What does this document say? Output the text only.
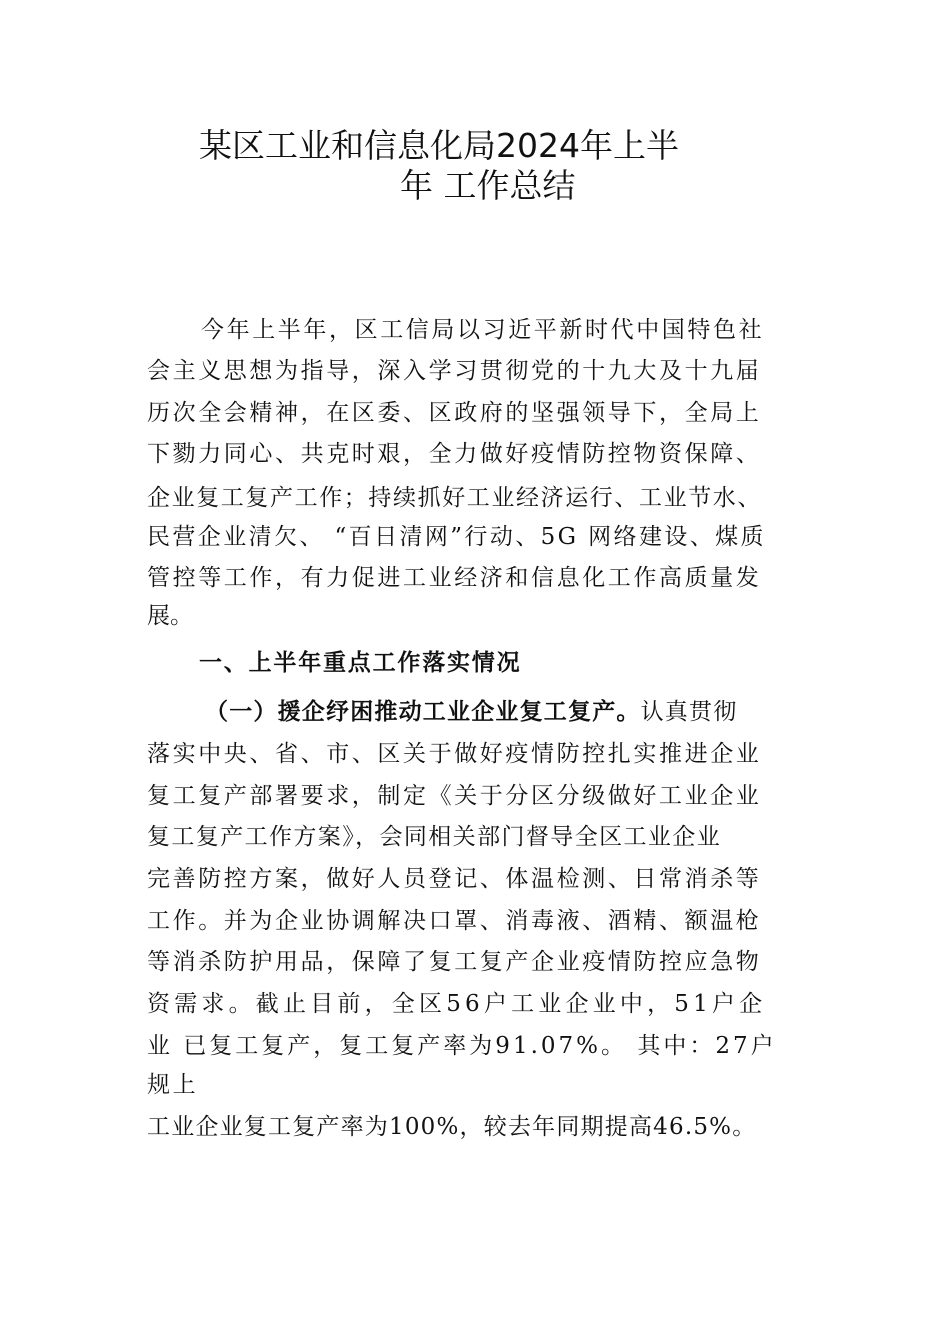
某区工业和信息化局2024年上半
年 工作总结
今年上半年，区工信局以习近平新时代中国特色社
会主义思想为指导，深入学习贯彻党的十九大及十九届
历次全会精神，在区委、区政府的坚强领导下，全局上
下勠力同心、共克时艰，全力做好疫情防控物资保障、
企业复工复产工作；持续抓好工业经济运行、工业节水、
民营企业清欠、 “百日清网”行动、5G 网络建设、煤质
管控等工作，有力促进工业经济和信息化工作高质量发
展。
一、上半年重点工作落实情况
（一）援企纾困推动工业企业复工复产。认真贯彻
落实中央、省、市、区关于做好疫情防控扎实推进企业
复工复产部署要求，制定《关于分区分级做好工业企业
复工复产工作方案》，会同相关部门督导全区工业企业
完善防控方案，做好人员登记、体温检测、日常消杀等
工作。并为企业协调解决口罩、消毒液、酒精、额温枪
等消杀防护用品，保障了复工复产企业疫情防控应急物
资需求。截止目前，全区56户工业企业中，51户企
业 已复工复产，复工复产率为91.07%。 其中：27户
规上
工业企业复工复产率为100%，较去年同期提高46.5%。
